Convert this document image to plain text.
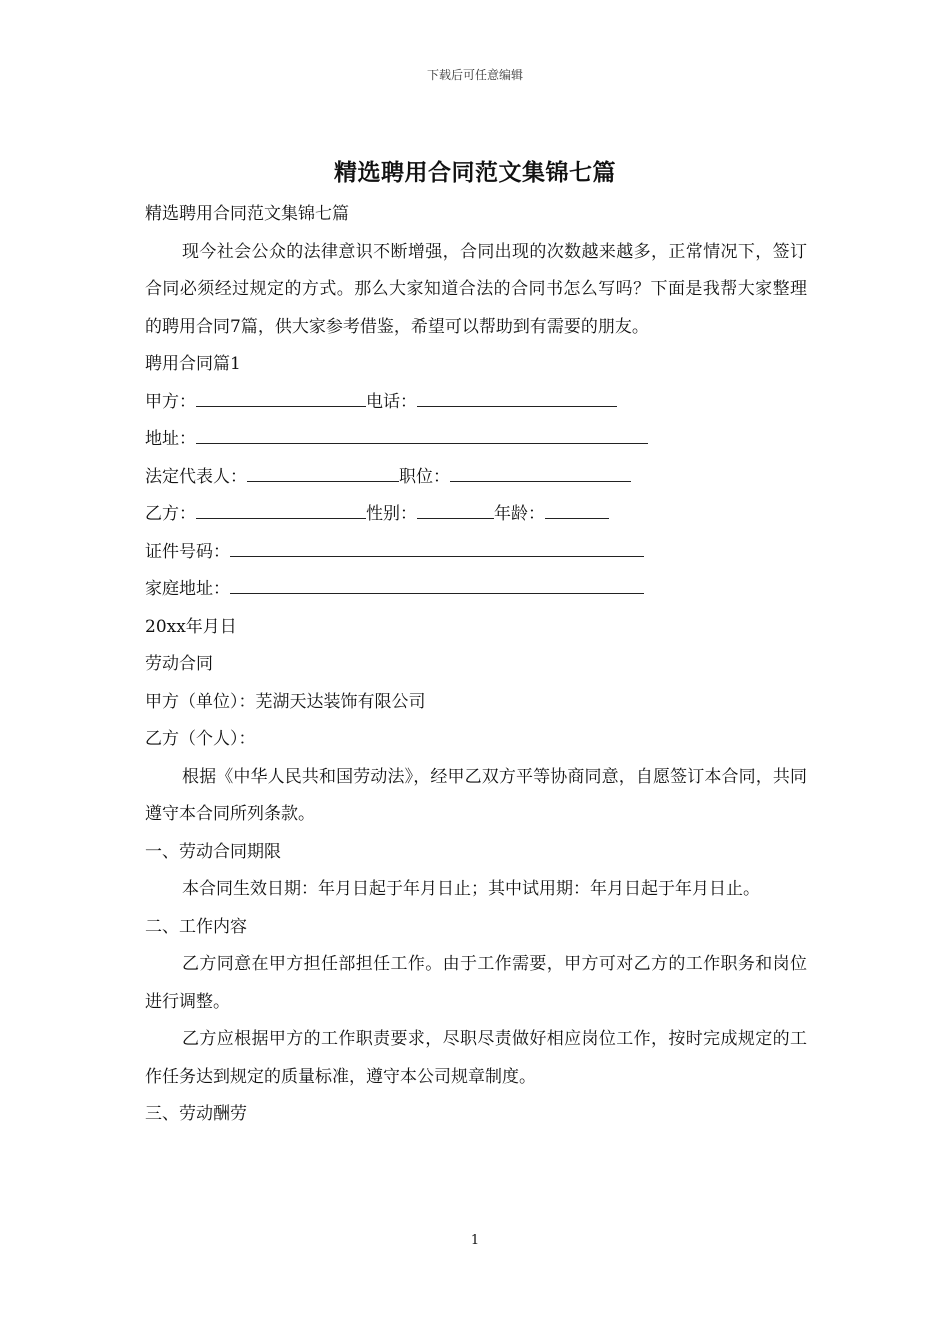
下载后可任意编辑
精选聘用合同范文集锦七篇

精选聘用合同范文集锦七篇

现今社会公众的法律意识不断增强，合同出现的次数越来越多，正常情况下，签订合同必须经过规定的方式。那么大家知道合法的合同书怎么写吗？下面是我帮大家整理的聘用合同7篇，供大家参考借鉴，希望可以帮助到有需要的朋友。

聘用合同篇1

甲方：	电话：

地址：

法定代表人：	职位：

乙方：	性别：	年龄：

证件号码：

家庭地址：

20xx年月日

劳动合同

甲方（单位）：芜湖天达装饰有限公司

乙方（个人）：

根据《中华人民共和国劳动法》，经甲乙双方平等协商同意，自愿签订本合同，共同遵守本合同所列条款。

一、劳动合同期限

本合同生效日期：年月日起于年月日止；其中试用期：年月日起于年月日止。

二、工作内容

乙方同意在甲方担任部担任工作。由于工作需要，甲方可对乙方的工作职务和岗位进行调整。

乙方应根据甲方的工作职责要求，尽职尽责做好相应岗位工作，按时完成规定的工作任务达到规定的质量标准，遵守本公司规章制度。

三、劳动酬劳

1
